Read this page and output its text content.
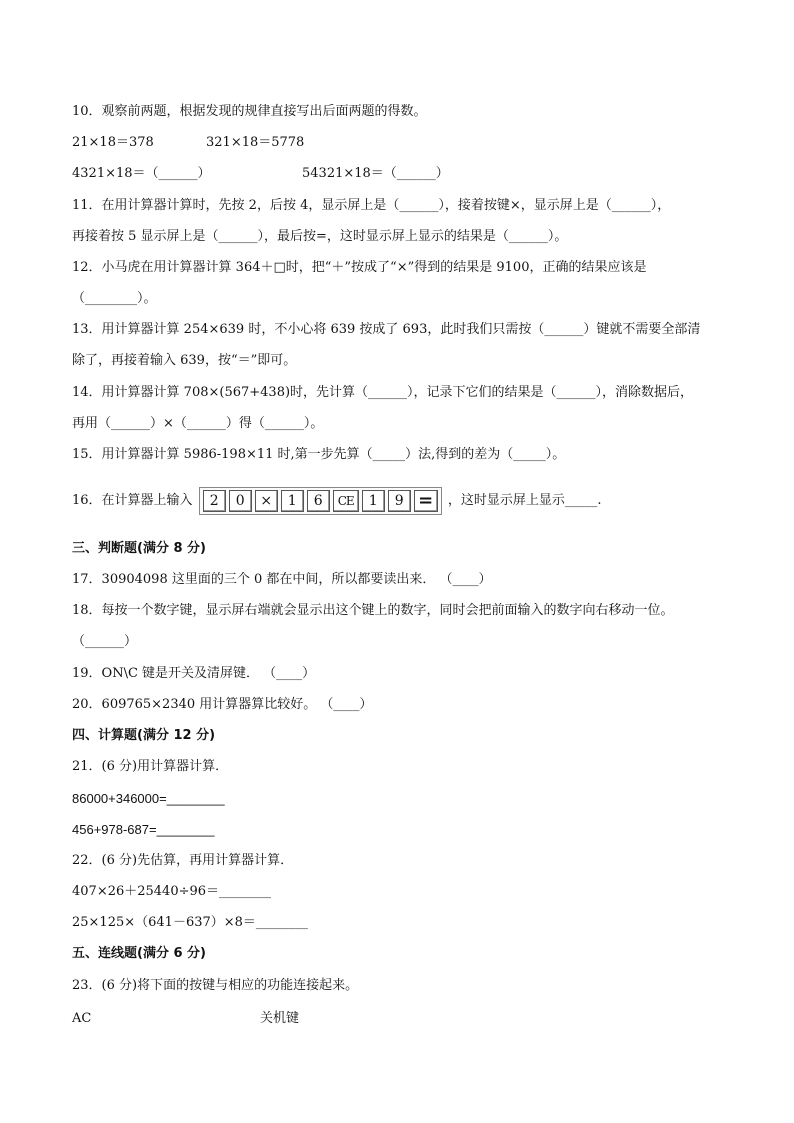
10．观察前两题，根据发现的规律直接写出后面两题的得数。
21×18＝378	321×18＝5778
4321×18＝（______）	54321×18＝（______）
11．在用计算器计算时，先按 2，后按 4，显示屏上是（______），接着按键×，显示屏上是（______），
再接着按 5 显示屏上是（______），最后按=，这时显示屏上显示的结果是（______）。
12．小马虎在用计算器计算 364＋□时，把“＋”按成了“×”得到的结果是 9100，正确的结果应该是
（________）。
13．用计算器计算 254×639 时，不小心将 639 按成了 693，此时我们只需按（______）键就不需要全部清
除了，再接着输入 639，按“＝”即可。
14．用计算器计算 708×(567+438)时，先计算（______），记录下它们的结果是（______），消除数据后，
再用（______）×（______）得（______）。
15．用计算器计算 5986-198×11 时,第一步先算（_____）法,得到的差为（_____）。
16．在计算器上输入	2	0	×	1	6	CE	1	9 =	，这时显示屏上显示_____.
三、判断题(满分 8 分)
17．30904098 这里面的三个 0 都在中间，所以都要读出来． （____）
18．每按一个数字键，显示屏右端就会显示出这个键上的数字，同时会把前面输入的数字向右移动一位。
（______）
19．ON\C 键是开关及清屏键． （____）
20．609765×2340 用计算器算比较好。 （____）
四、计算题(满分 12 分)
21．(6 分)用计算器计算．
86000+346000=________
456+978-687=________
22．(6 分)先估算，再用计算器计算．
407×26＋25440÷96＝________
25×125×（641－637）×8＝________
五、连线题(满分 6 分)
23．(6 分)将下面的按键与相应的功能连接起来。
AC	关机键
